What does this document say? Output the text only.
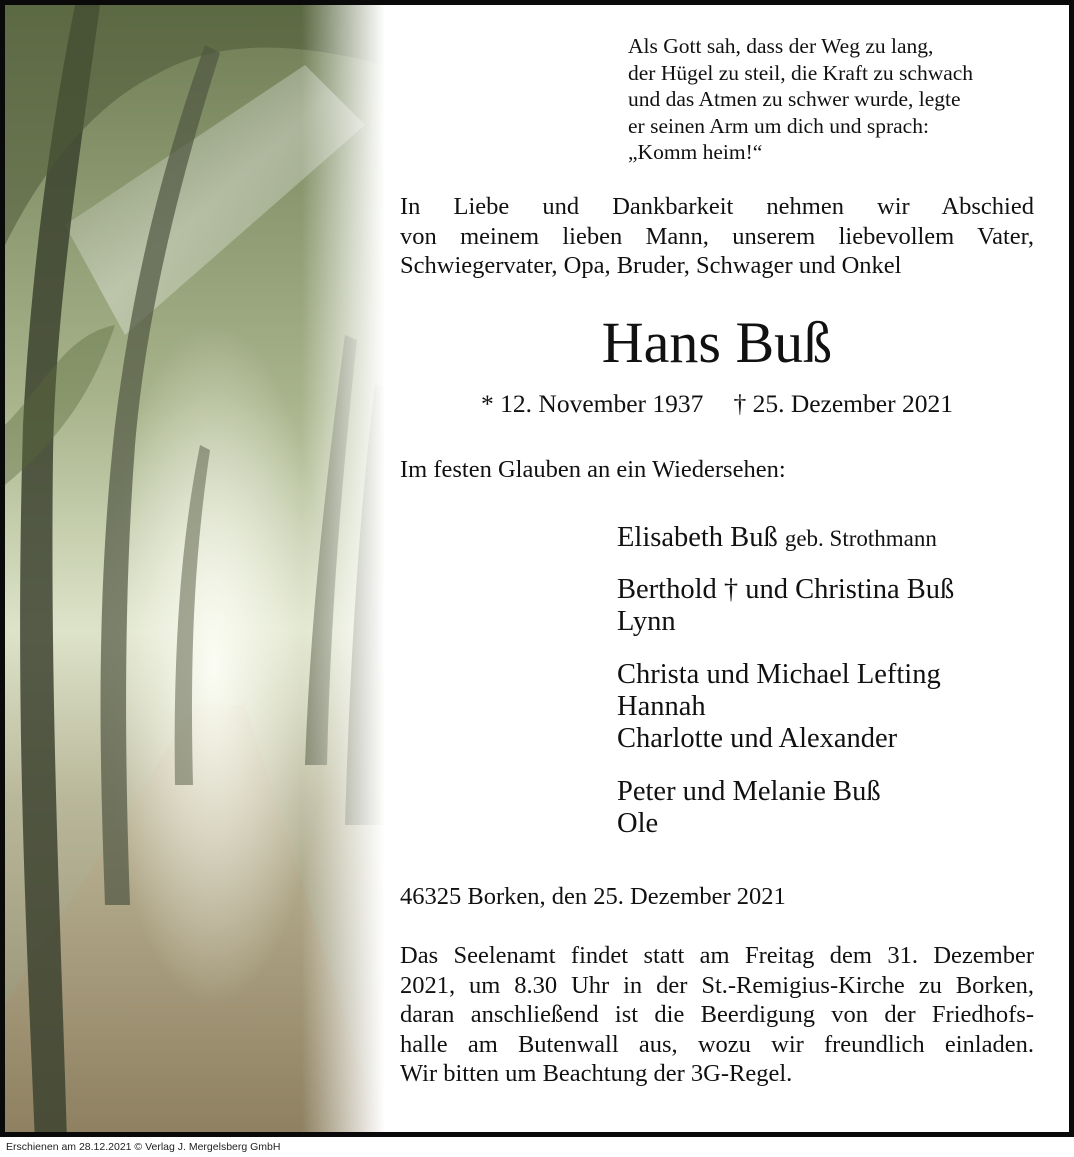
Als Gott sah, dass der Weg zu lang,
der Hügel zu steil, die Kraft zu schwach
und das Atmen zu schwer wurde, legte
er seinen Arm um dich und sprach:
„Komm heim!“
In Liebe und Dankbarkeit nehmen wir Abschied
von meinem lieben Mann, unserem liebevollem Vater,
Schwiegervater, Opa, Bruder, Schwager und Onkel
Hans Buß
* 12. November 1937 † 25. Dezember 2021
Im festen Glauben an ein Wiedersehen:
Elisabeth Buß geb. Strothmann
Berthold † und Christina Buß
Lynn
Christa und Michael Lefting
Hannah
Charlotte und Alexander
Peter und Melanie Buß
Ole
46325 Borken, den 25. Dezember 2021
Das Seelenamt findet statt am Freitag dem 31. Dezember
2021, um 8.30 Uhr in der St.-Remigius-Kirche zu Borken,
daran anschließend ist die Beerdigung von der Friedhofs-
halle am Butenwall aus, wozu wir freundlich einladen.
Wir bitten um Beachtung der 3G-Regel.
Erschienen am 28.12.2021 © Verlag J. Mergelsberg GmbH
